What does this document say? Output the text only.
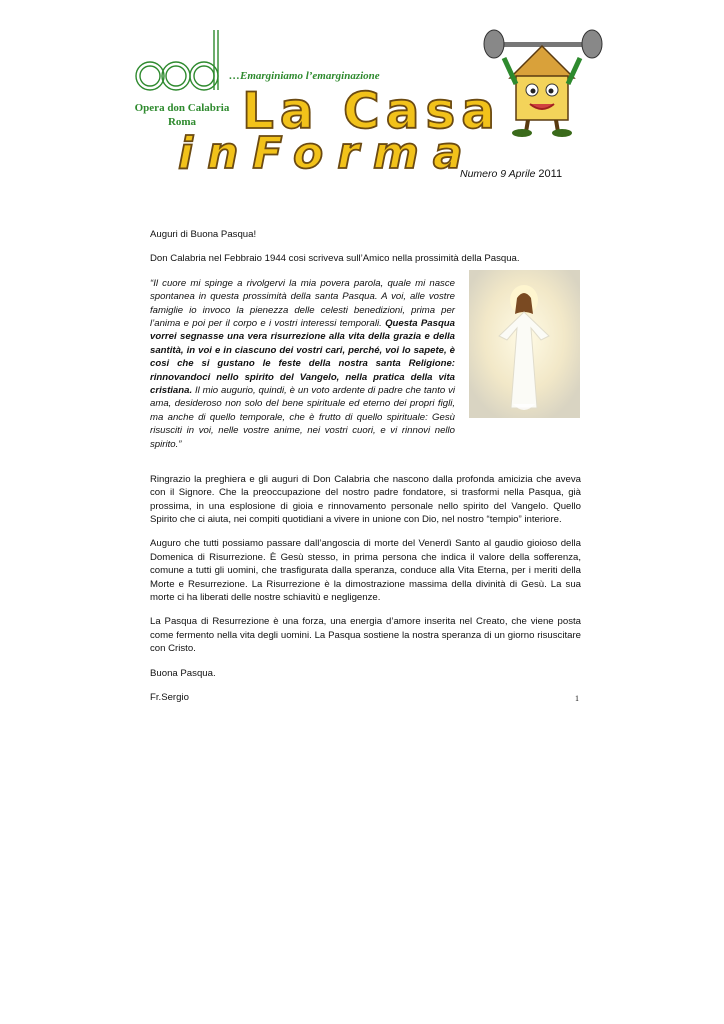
…Emarginiamo l’emarginazione
Opera don Calabria
Roma La Casa
inForma
Numero 9 Aprile 2011

Auguri di Buona Pasqua!

Don Calabria nel Febbraio 1944 cosi scriveva sull’Amico nella prossimità della Pasqua.

“Il cuore mi spinge a rivolgervi la mia povera parola, quale mi nasce spontanea in questa prossimità della santa Pasqua. A voi, alle vostre famiglie io invoco la pienezza delle celesti benedizioni, prima per l’anima e poi per il corpo e i vostri interessi temporali. Questa Pasqua vorrei segnasse una vera risurrezione alla vita della grazia e della santità, in voi e in ciascuno dei vostri cari, perché, voi lo sapete, è cosi che si gustano le feste della nostra santa Religione: rinnovandoci nello spirito del Vangelo, nella pratica della vita cristiana. Il mio augurio, quindi, è un voto ardente di padre che tanto vi ama, desideroso non solo del bene spirituale ed eterno dei propri figli, ma anche di quello temporale, che è frutto di quello spirituale: Gesù risusciti in voi, nelle vostre anime, nei vostri cuori, e vi rinnovi nello spirito.”

Ringrazio la preghiera e gli auguri di Don Calabria che nascono dalla profonda amicizia che aveva con il Signore. Che la preoccupazione del nostro padre fondatore, si trasformi nella Pasqua, già prossima, in una esplosione di gioia e rinnovamento personale nello spirito del Vangelo. Quello Spirito che ci aiuta, nei compiti quotidiani a vivere in unione con Dio, nel nostro “tempio” interiore.

Auguro che tutti possiamo passare dall’angoscia di morte del Venerdì Santo al gaudio gioioso della Domenica di Risurrezione. È Gesù stesso, in prima persona che indica il valore della sofferenza, comune a tutti gli uomini, che trasfigurata dalla speranza, conduce alla Vita Eterna, per i meriti della Morte e Resurrezione. La Risurrezione è la dimostrazione massima della divinità di Gesù. La sua morte ci ha liberati delle nostre schiavitù e negligenze.

La Pasqua di Resurrezione è una forza, una energia d’amore inserita nel Creato, che viene posta come fermento nella vita degli uomini. La Pasqua sostiene la nostra speranza di un giorno risuscitare con Cristo.

Buona Pasqua.

Fr.Sergio	1
